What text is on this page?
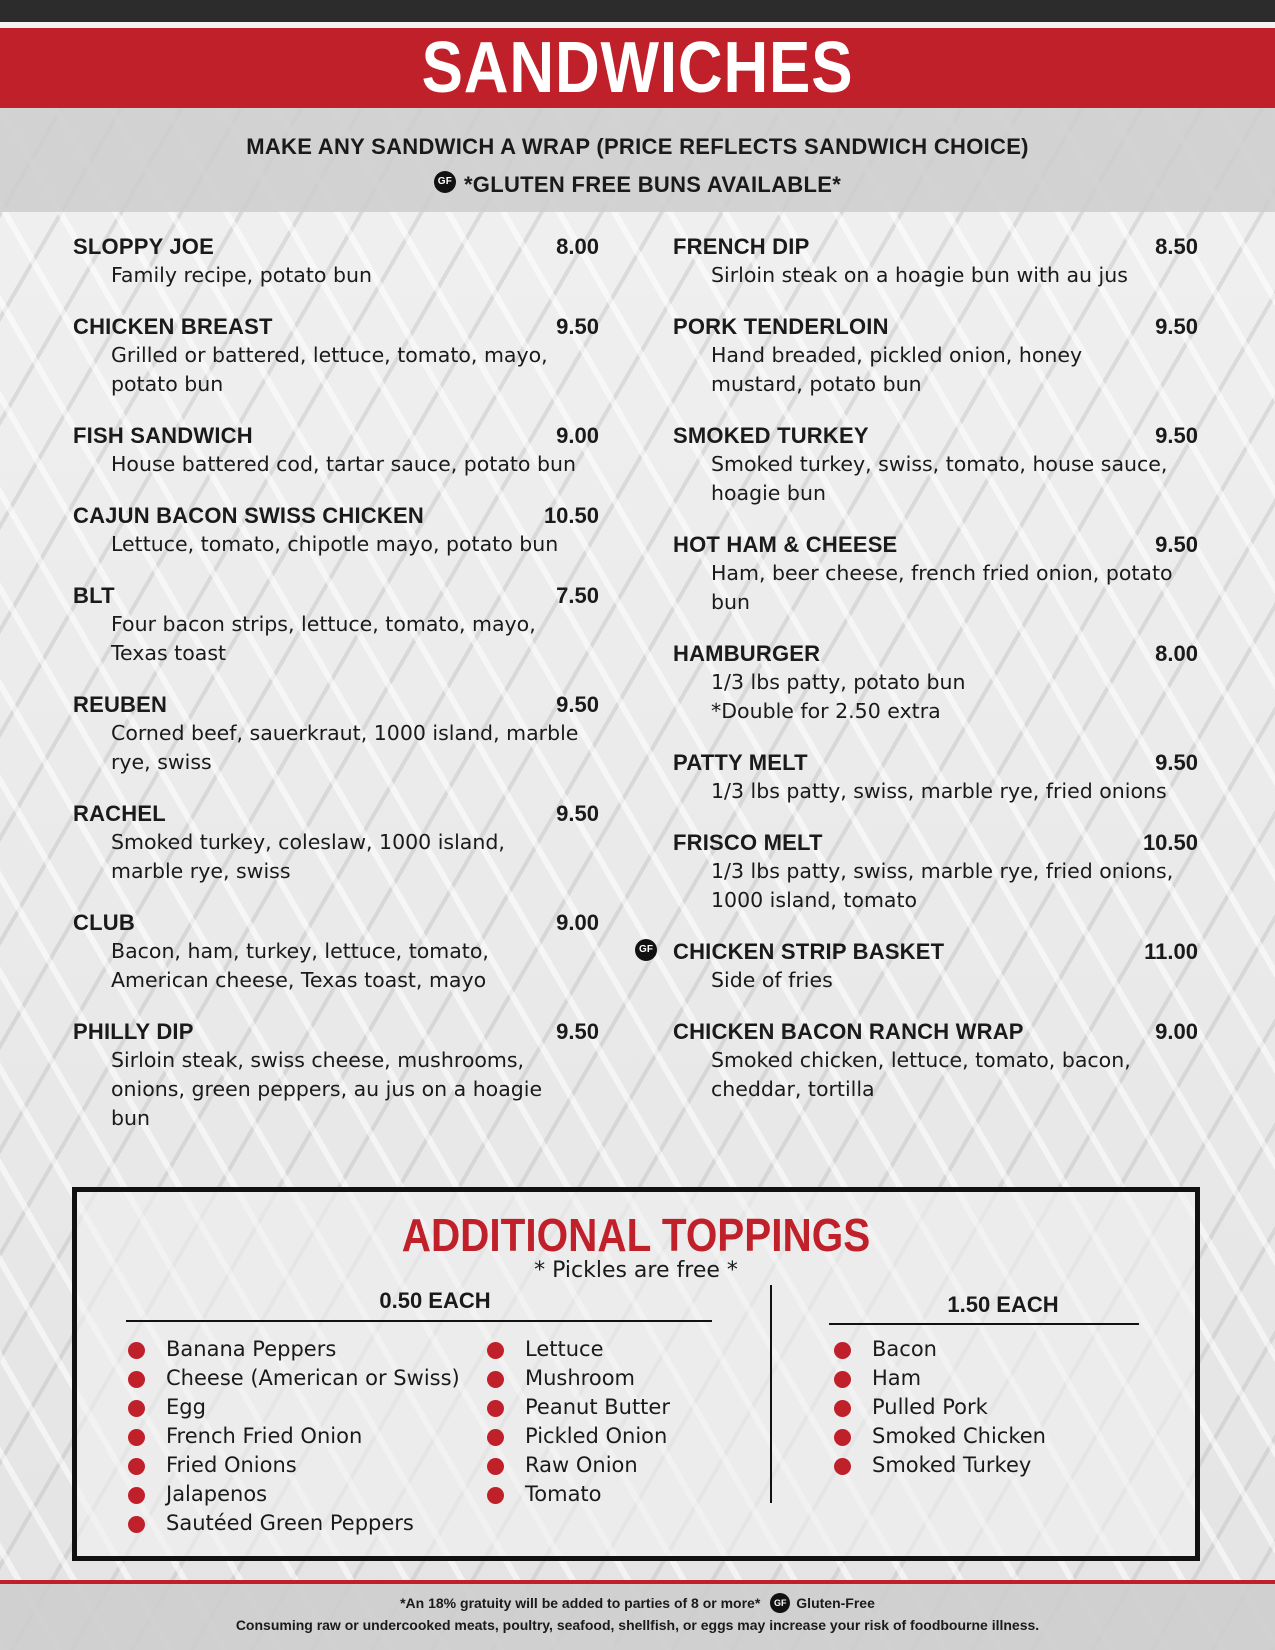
SANDWICHES
MAKE ANY SANDWICH A WRAP (PRICE REFLECTS SANDWICH CHOICE)
GF *GLUTEN FREE BUNS AVAILABLE*
SLOPPY JOE	8.00
Family recipe, potato bun
CHICKEN BREAST	9.50
Grilled or battered, lettuce, tomato, mayo,
potato bun
FISH SANDWICH	9.00
House battered cod, tartar sauce, potato bun
CAJUN BACON SWISS CHICKEN	10.50
Lettuce, tomato, chipotle mayo, potato bun
BLT	7.50
Four bacon strips, lettuce, tomato, mayo,
Texas toast
REUBEN	9.50
Corned beef, sauerkraut, 1000 island, marble
rye, swiss
RACHEL	9.50
Smoked turkey, coleslaw, 1000 island,
marble rye, swiss
CLUB	9.00
Bacon, ham, turkey, lettuce, tomato,
American cheese, Texas toast, mayo
PHILLY DIP	9.50
Sirloin steak, swiss cheese, mushrooms,
onions, green peppers, au jus on a hoagie
bun
FRENCH DIP	8.50
Sirloin steak on a hoagie bun with au jus
PORK TENDERLOIN	9.50
Hand breaded, pickled onion, honey
mustard, potato bun
SMOKED TURKEY	9.50
Smoked turkey, swiss, tomato, house sauce,
hoagie bun
HOT HAM & CHEESE	9.50
Ham, beer cheese, french fried onion, potato
bun
HAMBURGER	8.00
1/3 lbs patty, potato bun
*Double for 2.50 extra
PATTY MELT	9.50
1/3 lbs patty, swiss, marble rye, fried onions
FRISCO MELT	10.50
1/3 lbs patty, swiss, marble rye, fried onions,
1000 island, tomato
GF CHICKEN STRIP BASKET	11.00
Side of fries
CHICKEN BACON RANCH WRAP	9.00
Smoked chicken, lettuce, tomato, bacon,
cheddar, tortilla
ADDITIONAL TOPPINGS
* Pickles are free *
0.50 EACH
Banana Peppers
Cheese (American or Swiss)
Egg
French Fried Onion
Fried Onions
Jalapenos
Sautéed Green Peppers
Lettuce
Mushroom
Peanut Butter
Pickled Onion
Raw Onion
Tomato
1.50 EACH
Bacon
Ham
Pulled Pork
Smoked Chicken
Smoked Turkey
*An 18% gratuity will be added to parties of 8 or more* GF Gluten-Free
Consuming raw or undercooked meats, poultry, seafood, shellfish, or eggs may increase your risk of foodbourne illness.
